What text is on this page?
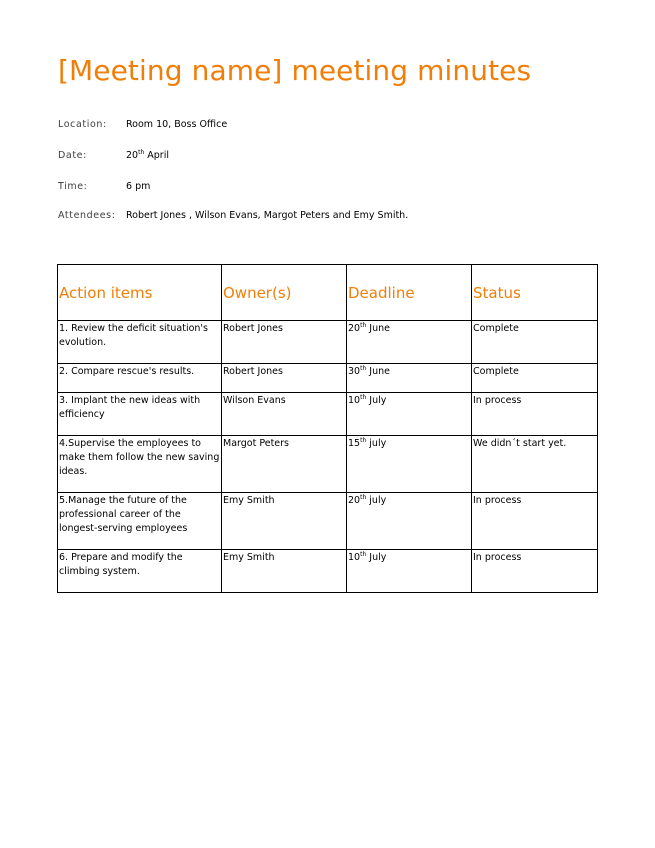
[Meeting name] meeting minutes
Location: Room 10, Boss Office
Date:	20th April
Time:	6 pm
Attendees: Robert Jones , Wilson Evans, Margot Peters and Emy Smith.
Action items	Owner(s)	Deadline	Status

1. Review the deficit situation's evolution.	Robert Jones	20th June	Complete

2. Compare rescue's results.	Robert Jones	30th June	Complete

3. Implant the new ideas with efficiency	Wilson Evans	10th July	In process

4.Supervise the employees to make them follow the new saving ideas.	Margot Peters	15th july	We didn´t start yet.

5.Manage the future of the professional career of the longest-serving employees	Emy Smith	20th july	In process

6. Prepare and modify the climbing system.	Emy Smith	10th July	In process
